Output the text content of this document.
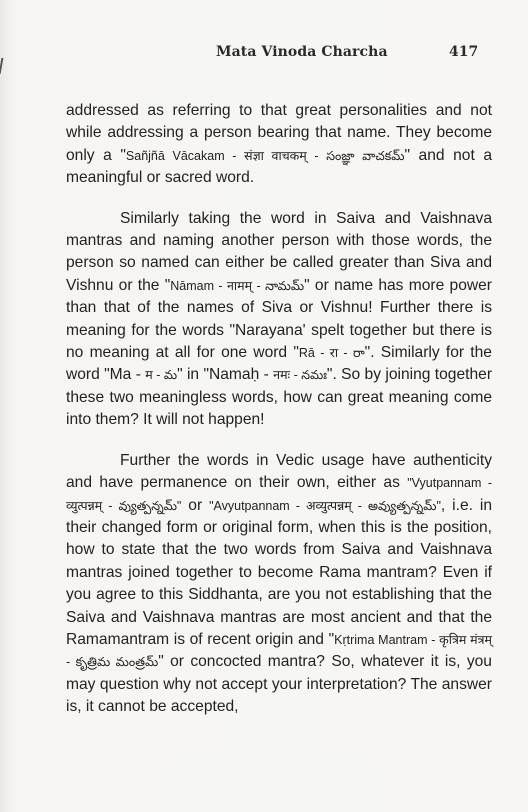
Mata Vinoda Charcha	417

addressed as referring to that great personalities and not while addressing a person bearing that name. They become only a "Sañjñā Vācakam - संज्ञा वाचकम् - సంజ్ఞా వాచకమ్" and not a meaningful or sacred word.

Similarly taking the word in Saiva and Vaishnava mantras and naming another person with those words, the person so named can either be called greater than Siva and Vishnu or the "Nāmam - नामम् - నామమ్" or name has more power than that of the names of Siva or Vishnu! Further there is meaning for the words "Narayana' spelt together but there is no meaning at all for one word "Rā - रा - రా". Similarly for the word "Ma - म - మ" in "Namaḥ - नमः - నమః". So by joining together these two meaningless words, how can great meaning come into them? It will not happen!

Further the words in Vedic usage have authenticity and have permanence on their own, either as "Vyutpannam - व्युत्पन्नम् - వ్యుత్పన్నమ్" or "Avyutpannam - अव्युत्पन्नम् - అవ్యుత్పన్నమ్", i.e. in their changed form or original form, when this is the position, how to state that the two words from Saiva and Vaishnava mantras joined together to become Rama mantram? Even if you agree to this Siddhanta, are you not establishing that the Saiva and Vaishnava mantras are most ancient and that the Ramamantram is of recent origin and "Kṛtrima Mantram - कृत्रिम मंत्रम् - కృత్రిమ మంత్రమ్" or concocted mantra? So, whatever it is, you may question why not accept your interpretation? The answer is, it cannot be accepted,
